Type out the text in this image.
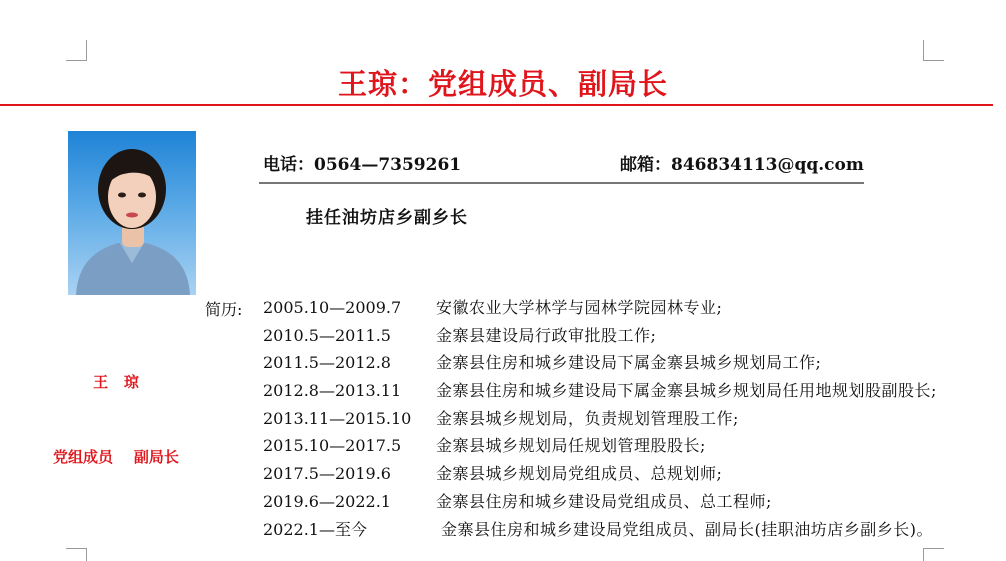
王琼：党组成员、副局长

王   琼

党组成员    副局长

电话：0564—7359261	邮箱：846834113@qq.com
挂任油坊店乡副乡长
简历: 2005.10—2009.7 安徽农业大学林学与园林学院园林专业;
2010.5—2011.5	金寨县建设局行政审批股工作;
2011.5—2012.8	金寨县住房和城乡建设局下属金寨县城乡规划局工作;
2012.8—2013.11 金寨县住房和城乡建设局下属金寨县城乡规划局任用地规划股副股长;
2013.11—2015.10 金寨县城乡规划局，负责规划管理股工作;
2015.10—2017.5 金寨县城乡规划局任规划管理股股长;
2017.5—2019.6	金寨县城乡规划局党组成员、总规划师;
2019.6—2022.1	金寨县住房和城乡建设局党组成员、总工程师;
2022.1—至今	金寨县住房和城乡建设局党组成员、副局长(挂职油坊店乡副乡长)。
